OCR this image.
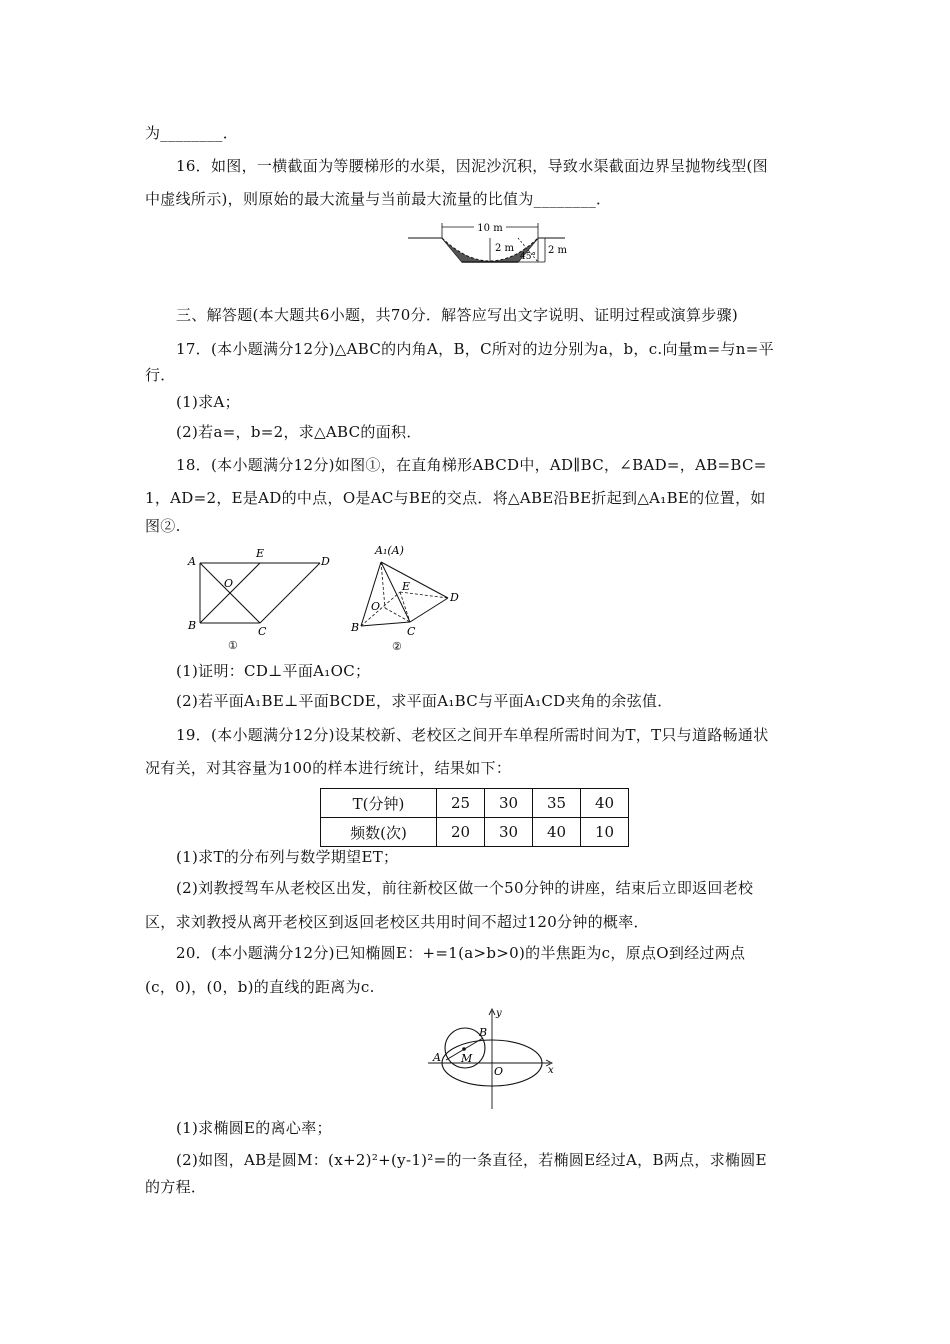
为________．
16．如图，一横截面为等腰梯形的水渠，因泥沙沉积，导致水渠截面边界呈抛物线型(图
中虚线所示)，则原始的最大流量与当前最大流量的比值为________．
10 m
2 m
45°
2 m
三、解答题(本大题共6小题，共70分．解答应写出文字说明、证明过程或演算步骤)
17．(本小题满分12分)△ABC的内角A，B，C所对的边分别为a，b，c.向量m=与n=平
行．
(1)求A；
(2)若a=，b=2，求△ABC的面积．
18．(本小题满分12分)如图①，在直角梯形ABCD中，AD∥BC，∠BAD=，AB=BC=
1，AD=2，E是AD的中点，O是AC与BE的交点．将△ABE沿BE折起到△A₁BE的位置，如
图②.
A
E
D
O
B	C
①
A₁(A)
E
D
O
B	C
②
(1)证明：CD⊥平面A₁OC；
(2)若平面A₁BE⊥平面BCDE，求平面A₁BC与平面A₁CD夹角的余弦值．
19．(本小题满分12分)设某校新、老校区之间开车单程所需时间为T，T只与道路畅通状
况有关，对其容量为100的样本进行统计，结果如下：
T(分钟)	25	30	35	40
频数(次)	20	30	40	10
(1)求T的分布列与数学期望ET；
(2)刘教授驾车从老校区出发，前往新校区做一个50分钟的讲座，结束后立即返回老校
区，求刘教授从离开老校区到返回老校区共用时间不超过120分钟的概率．
20．(本小题满分12分)已知椭圆E：+=1(a>b>0)的半焦距为c，原点O到经过两点
(c，0)，(0，b)的直线的距离为c.
y
B
A M
O	x
(1)求椭圆E的离心率；
(2)如图，AB是圆M：(x+2)²+(y-1)²=的一条直径，若椭圆E经过A，B两点，求椭圆E
的方程．
